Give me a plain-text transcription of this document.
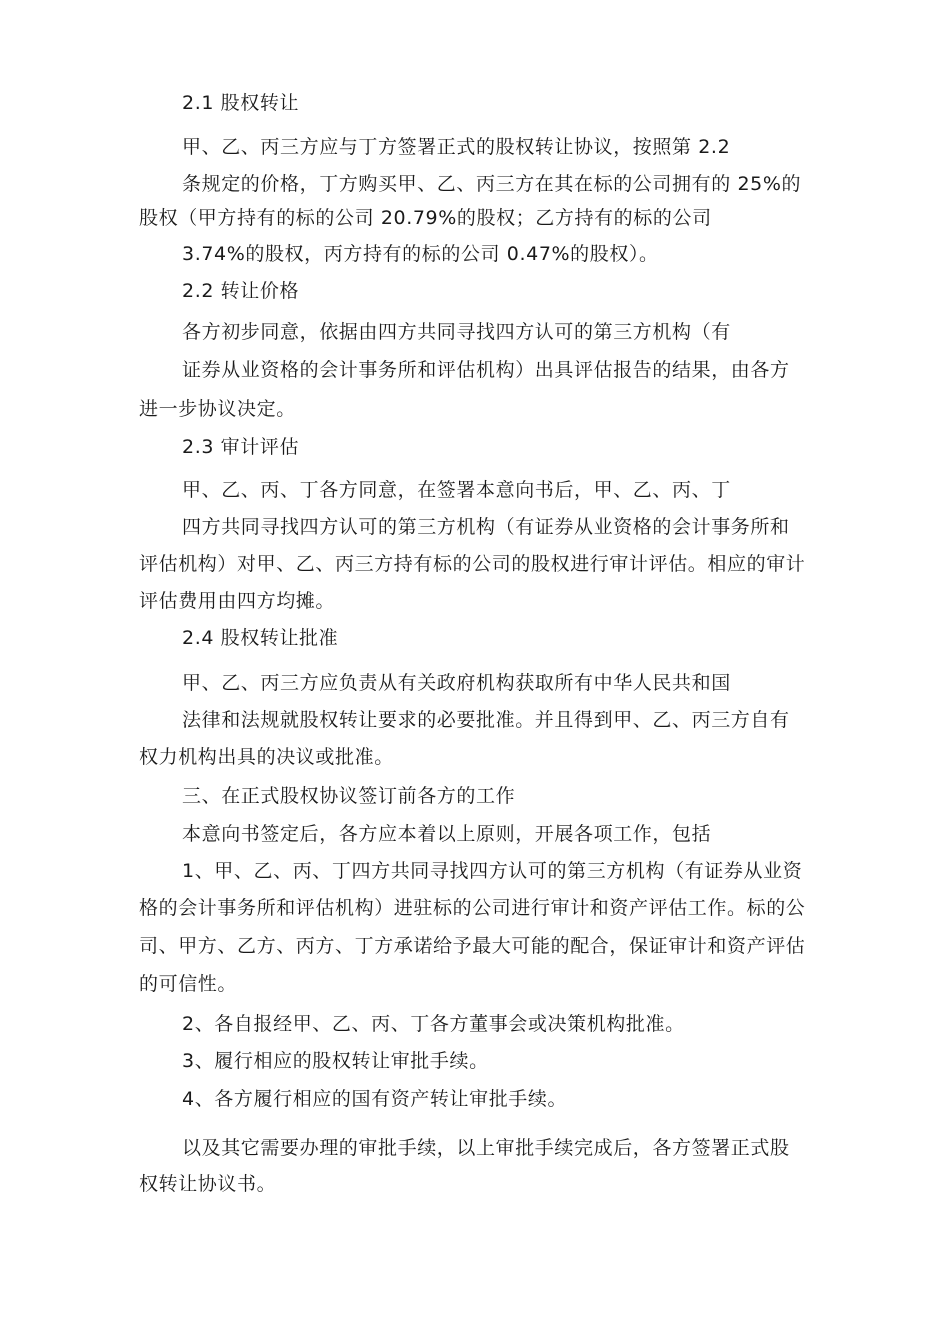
2.1 股权转让
甲、乙、丙三方应与丁方签署正式的股权转让协议，按照第 2.2
条规定的价格，丁方购买甲、乙、丙三方在其在标的公司拥有的 25%的
股权（甲方持有的标的公司 20.79%的股权；乙方持有的标的公司
3.74%的股权，丙方持有的标的公司 0.47%的股权）。
2.2 转让价格
各方初步同意，依据由四方共同寻找四方认可的第三方机构（有
证券从业资格的会计事务所和评估机构）出具评估报告的结果，由各方
进一步协议决定。
2.3 审计评估
甲、乙、丙、丁各方同意，在签署本意向书后，甲、乙、丙、丁
四方共同寻找四方认可的第三方机构（有证券从业资格的会计事务所和
评估机构）对甲、乙、丙三方持有标的公司的股权进行审计评估。相应的审计
评估费用由四方均摊。
2.4 股权转让批准
甲、乙、丙三方应负责从有关政府机构获取所有中华人民共和国
法律和法规就股权转让要求的必要批准。并且得到甲、乙、丙三方自有
权力机构出具的决议或批准。
三、在正式股权协议签订前各方的工作
本意向书签定后，各方应本着以上原则，开展各项工作，包括
1、甲、乙、丙、丁四方共同寻找四方认可的第三方机构（有证券从业资
格的会计事务所和评估机构）进驻标的公司进行审计和资产评估工作。标的公
司、甲方、乙方、丙方、丁方承诺给予最大可能的配合，保证审计和资产评估
的可信性。
2、各自报经甲、乙、丙、丁各方董事会或决策机构批准。
3、履行相应的股权转让审批手续。
4、各方履行相应的国有资产转让审批手续。
以及其它需要办理的审批手续，以上审批手续完成后，各方签署正式股
权转让协议书。
